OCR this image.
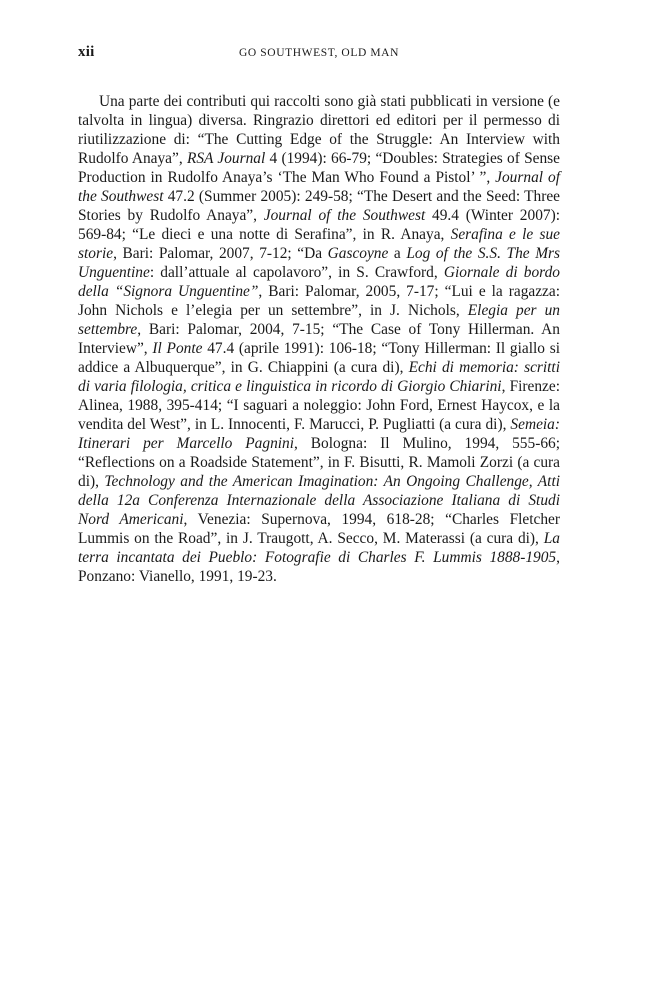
xii	GO SOUTHWEST, OLD MAN

Una parte dei contributi qui raccolti sono già stati pubblicati in versione (e talvolta in lingua) diversa. Ringrazio direttori ed editori per il permesso di riutilizzazione di: “The Cutting Edge of the Struggle: An Interview with Rudolfo Anaya”, RSA Journal 4 (1994): 66-79; “Doubles: Strategies of Sense Production in Rudolfo Anaya’s ‘The Man Who Found a Pistol’ ”, Journal of the Southwest 47.2 (Summer 2005): 249-58; “The Desert and the Seed: Three Stories by Rudolfo Anaya”, Journal of the Southwest 49.4 (Winter 2007): 569-84; “Le dieci e una notte di Serafina”, in R. Anaya, Serafina e le sue storie, Bari: Palomar, 2007, 7-12; “Da Gascoyne a Log of the S.S. The Mrs Unguentine: dall’attuale al capolavoro”, in S. Crawford, Giornale di bordo della “Signora Unguentine”, Bari: Palomar, 2005, 7-17; “Lui e la ragazza: John Nichols e l’elegia per un settembre”, in J. Nichols, Elegia per un settembre, Bari: Palomar, 2004, 7-15; “The Case of Tony Hillerman. An Interview”, Il Ponte 47.4 (aprile 1991): 106-18; “Tony Hillerman: Il giallo si addice a Albuquerque”, in G. Chiappini (a cura di), Echi di memoria: scritti di varia filologia, critica e linguistica in ricordo di Giorgio Chiarini, Firenze: Alinea, 1988, 395-414; “I saguari a noleggio: John Ford, Ernest Haycox, e la vendita del West”, in L. Innocenti, F. Marucci, P. Pugliatti (a cura di), Semeia: Itinerari per Marcello Pagnini, Bologna: Il Mulino, 1994, 555-66; “Reflections on a Roadside Statement”, in F. Bisutti, R. Mamoli Zorzi (a cura di), Technology and the American Imagination: An Ongoing Challenge, Atti della 12a Conferenza Internazionale della Associazione Italiana di Studi Nord Americani, Venezia: Supernova, 1994, 618-28; “Charles Fletcher Lummis on the Road”, in J. Traugott, A. Secco, M. Materassi (a cura di), La terra incantata dei Pueblo: Fotografie di Charles F. Lummis 1888-1905, Ponzano: Vianello, 1991, 19-23.
